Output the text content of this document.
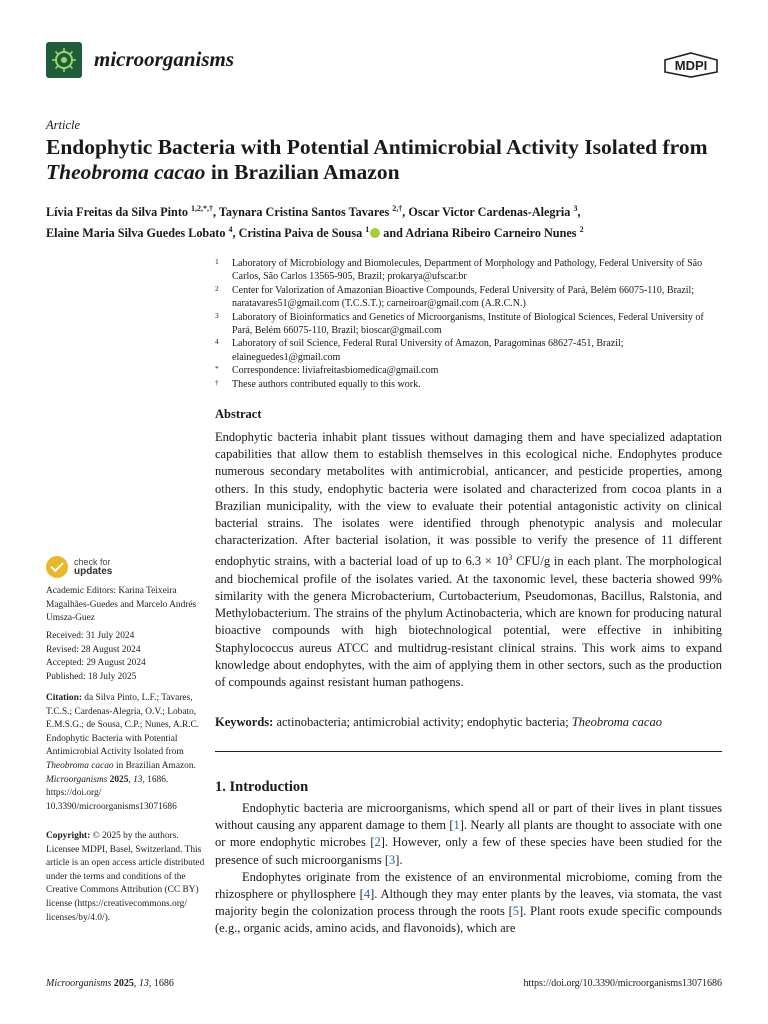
microorganisms	MDPI
Article
Endophytic Bacteria with Potential Antimicrobial Activity Isolated from Theobroma cacao in Brazilian Amazon
Lívia Freitas da Silva Pinto $^{1,2,*,\dagger}$, Taynara Cristina Santos Tavares $^{2,\dagger}$, Oscar Victor Cardenas-Alegria $^3$,
Elaine Maria Silva Guedes Lobato $^4$, Cristina Paiva de Sousa $^1$ and Adriana Ribeiro Carneiro Nunes $^2$
1 Laboratory of Microbiology and Biomolecules, Department of Morphology and Pathology, Federal University of São Carlos, São Carlos 13565-905, Brazil; prokarya@ufscar.br
2 Center for Valorization of Amazonian Bioactive Compounds, Federal University of Pará, Belém 66075-110, Brazil; naratavares51@gmail.com (T.C.S.T.); carneiroar@gmail.com (A.R.C.N.)
3 Laboratory of Bioinformatics and Genetics of Microorganisms, Institute of Biological Sciences, Federal University of Pará, Belém 66075-110, Brazil; bioscar@gmail.com
4 Laboratory of soil Science, Federal Rural University of Amazon, Paragominas 68627-451, Brazil; elaineguedes1@gmail.com
* Correspondence: liviafreitasbiomedica@gmail.com
† These authors contributed equally to this work.
Abstract
Endophytic bacteria inhabit plant tissues without damaging them and have specialized adaptation capabilities that allow them to establish themselves in this ecological niche. Endophytes produce numerous secondary metabolites with antimicrobial, anticancer, and pesticide properties, among others. In this study, endophytic bacteria were isolated and characterized from cocoa plants in a Brazilian municipality, with the view to evaluate their potential antagonistic activity on clinical bacterial strains. The isolates were identified through phenotypic analysis and molecular characterization. After bacterial isolation, it was possible to verify the presence of 11 different endophytic strains, with a bacterial load of up to $6.3 \times 10^3$ CFU/g in each plant. The morphological and biochemical profile of the isolates varied. At the taxonomic level, these bacteria showed 99% similarity with the genera Microbacterium, Curtobacterium, Pseudomonas, Bacillus, Ralstonia, and Methylobacterium. The strains of the phylum Actinobacteria, which are known for producing natural bioactive compounds with high biotechnological potential, were effective in inhibiting Staphylococcus aureus ATCC and multidrug-resistant clinical strains. This work aims to expand knowledge about endophytes, with the aim of applying them in other sectors, such as the production of compounds against resistant human pathogens.
Keywords: actinobacteria; antimicrobial activity; endophytic bacteria; Theobroma cacao
1. Introduction

Endophytic bacteria are microorganisms, which spend all or part of their lives in plant tissues without causing any apparent damage to them [1]. Nearly all plants are thought to associate with one or more endophytic microbes [2]. However, only a few of these species have been studied for the presence of such microorganisms [3].

Endophytes originate from the existence of an environmental microbiome, coming from the rhizosphere or phyllosphere [4]. Although they may enter plants by the leaves, via stomata, the vast majority begin the colonization process through the roots [5]. Plant roots exude specific compounds (e.g., organic acids, amino acids, and flavonoids), which are

check for
updates
Academic Editors: Karina Teixeira Magalhães-Guedes and Marcelo Andrés Umsza-Guez
Received: 31 July 2024
Revised: 28 August 2024
Accepted: 29 August 2024
Published: 18 July 2025
Citation: da Silva Pinto, L.F.; Tavares, T.C.S.; Cardenas-Alegria, O.V.; Lobato, E.M.S.G.; de Sousa, C.P.; Nunes, A.R.C. Endophytic Bacteria with Potential Antimicrobial Activity Isolated from Theobroma cacao in Brazilian Amazon. Microorganisms 2025, 13, 1686. https://doi.org/ 10.3390/microorganisms13071686
Copyright: © 2025 by the authors. Licensee MDPI, Basel, Switzerland. This article is an open access article distributed under the terms and conditions of the Creative Commons Attribution (CC BY) license (https://creativecommons.org/ licenses/by/4.0/).
Microorganisms 2025, 13, 1686	https://doi.org/10.3390/microorganisms13071686
